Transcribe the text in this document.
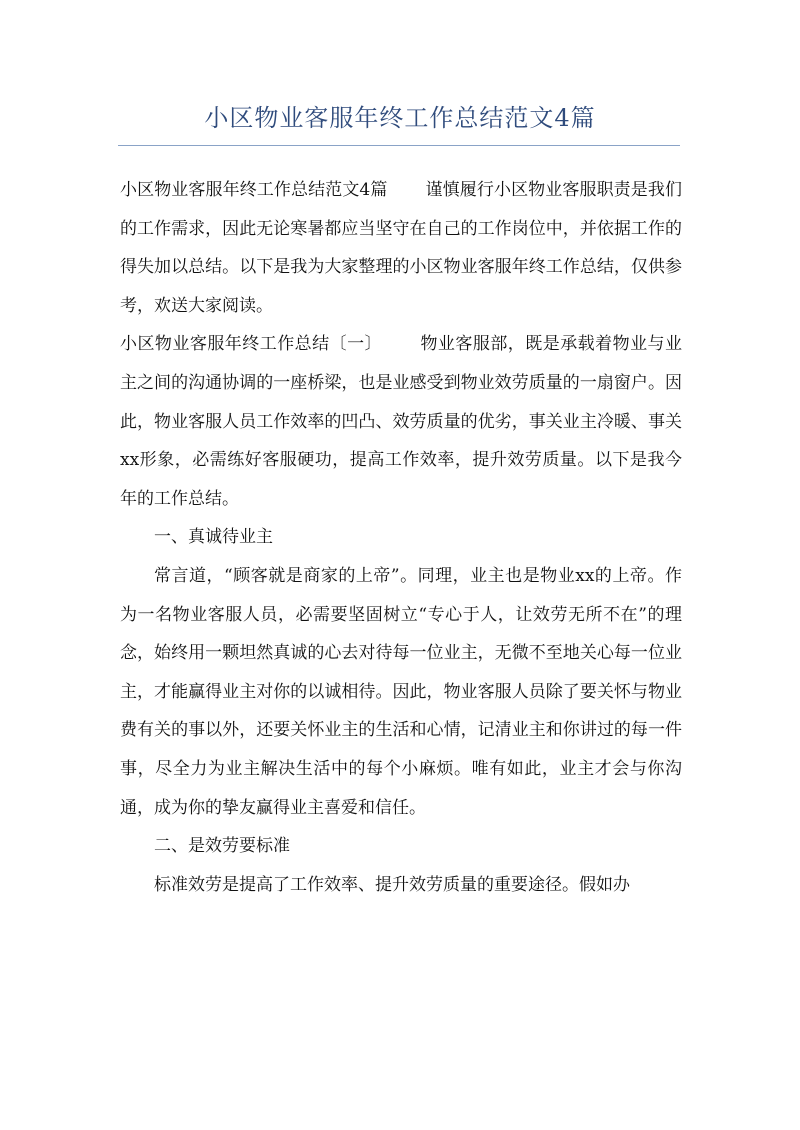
小区物业客服年终工作总结范文4篇

小区物业客服年终工作总结范文4篇 谨慎履行小区物业客服职责是我们的工作需求，因此无论寒暑都应当坚守在自己的工作岗位中，并依据工作的得失加以总结。以下是我为大家整理的小区物业客服年终工作总结，仅供参考，欢送大家阅读。

小区物业客服年终工作总结〔一〕 物业客服部，既是承载着物业与业主之间的沟通协调的一座桥梁，也是业感受到物业效劳质量的一扇窗户。因此，物业客服人员工作效率的凹凸、效劳质量的优劣，事关业主冷暖、事关xx形象，必需练好客服硬功，提高工作效率，提升效劳质量。以下是我今年的工作总结。

一、真诚待业主

常言道，“顾客就是商家的上帝”。同理，业主也是物业xx的上帝。作为一名物业客服人员，必需要坚固树立“专心于人，让效劳无所不在”的理念，始终用一颗坦然真诚的心去对待每一位业主，无微不至地关心每一位业主，才能赢得业主对你的以诚相待。因此，物业客服人员除了要关怀与物业费有关的事以外，还要关怀业主的生活和心情，记清业主和你讲过的每一件事，尽全力为业主解决生活中的每个小麻烦。唯有如此，业主才会与你沟通，成为你的挚友赢得业主喜爱和信任。

二、是效劳要标准

标准效劳是提高了工作效率、提升效劳质量的重要途径。假如办
